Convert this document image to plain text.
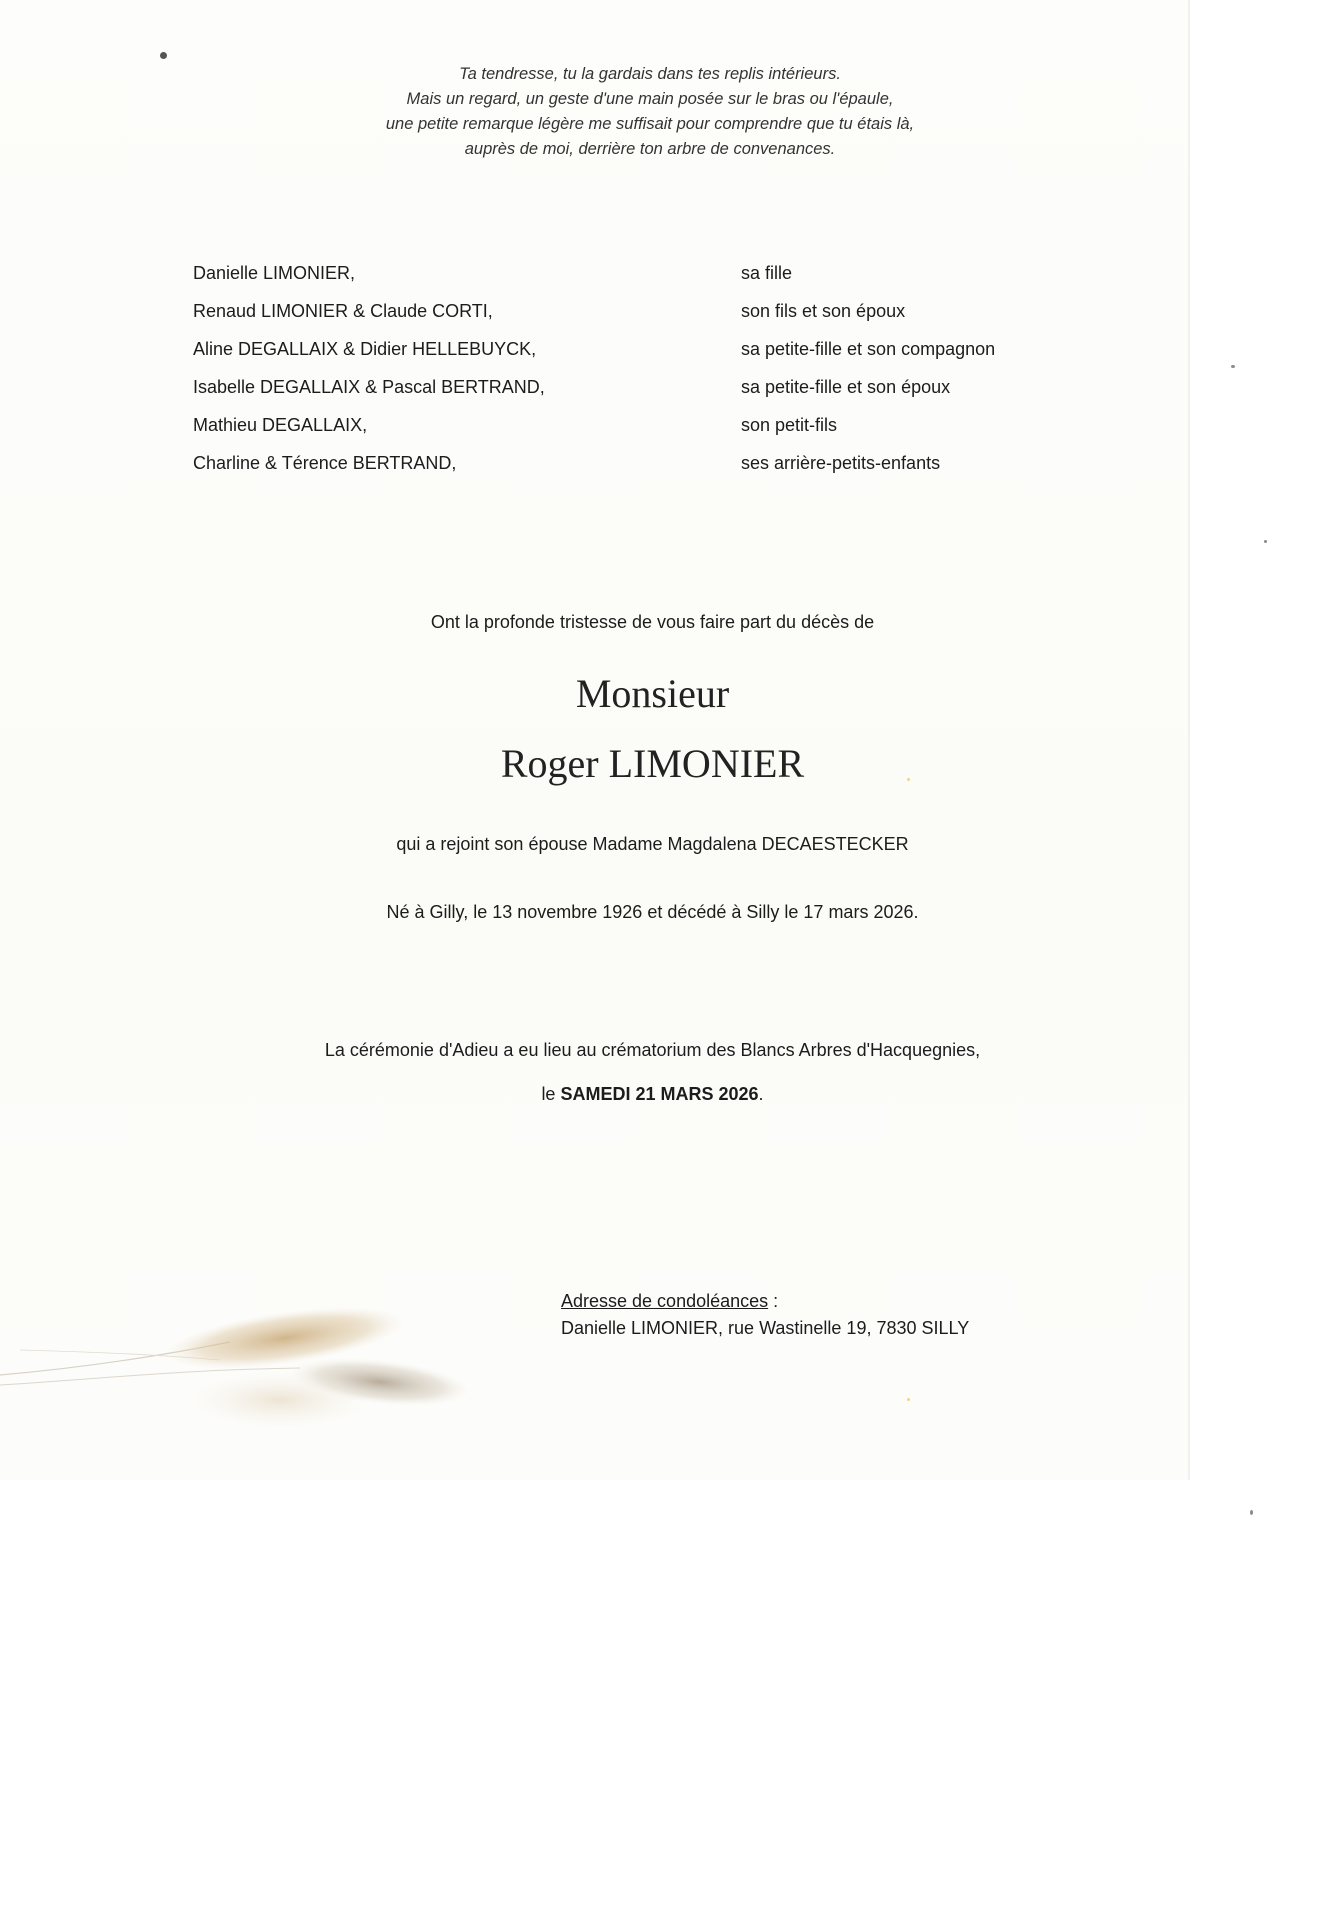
Ta tendresse, tu la gardais dans tes replis intérieurs.
Mais un regard, un geste d'une main posée sur le bras ou l'épaule,
une petite remarque légère me suffisait pour comprendre que tu étais là,
auprès de moi, derrière ton arbre de convenances.
Danielle LIMONIER,	sa fille
Renaud LIMONIER & Claude CORTI,	son fils et son époux
Aline DEGALLAIX & Didier HELLEBUYCK,	sa petite-fille et son compagnon
Isabelle DEGALLAIX & Pascal BERTRAND,	sa petite-fille et son époux
Mathieu DEGALLAIX,	son petit-fils
Charline & Térence BERTRAND,	ses arrière-petits-enfants
Ont la profonde tristesse de vous faire part du décès de
Monsieur
Roger LIMONIER
qui a rejoint son épouse Madame Magdalena DECAESTECKER
Né à Gilly, le 13 novembre 1926 et décédé à Silly le 17 mars 2026.
La cérémonie d'Adieu a eu lieu au crématorium des Blancs Arbres d'Hacquegnies,
le SAMEDI 21 MARS 2026.
Adresse de condoléances :
Danielle LIMONIER, rue Wastinelle 19, 7830 SILLY
